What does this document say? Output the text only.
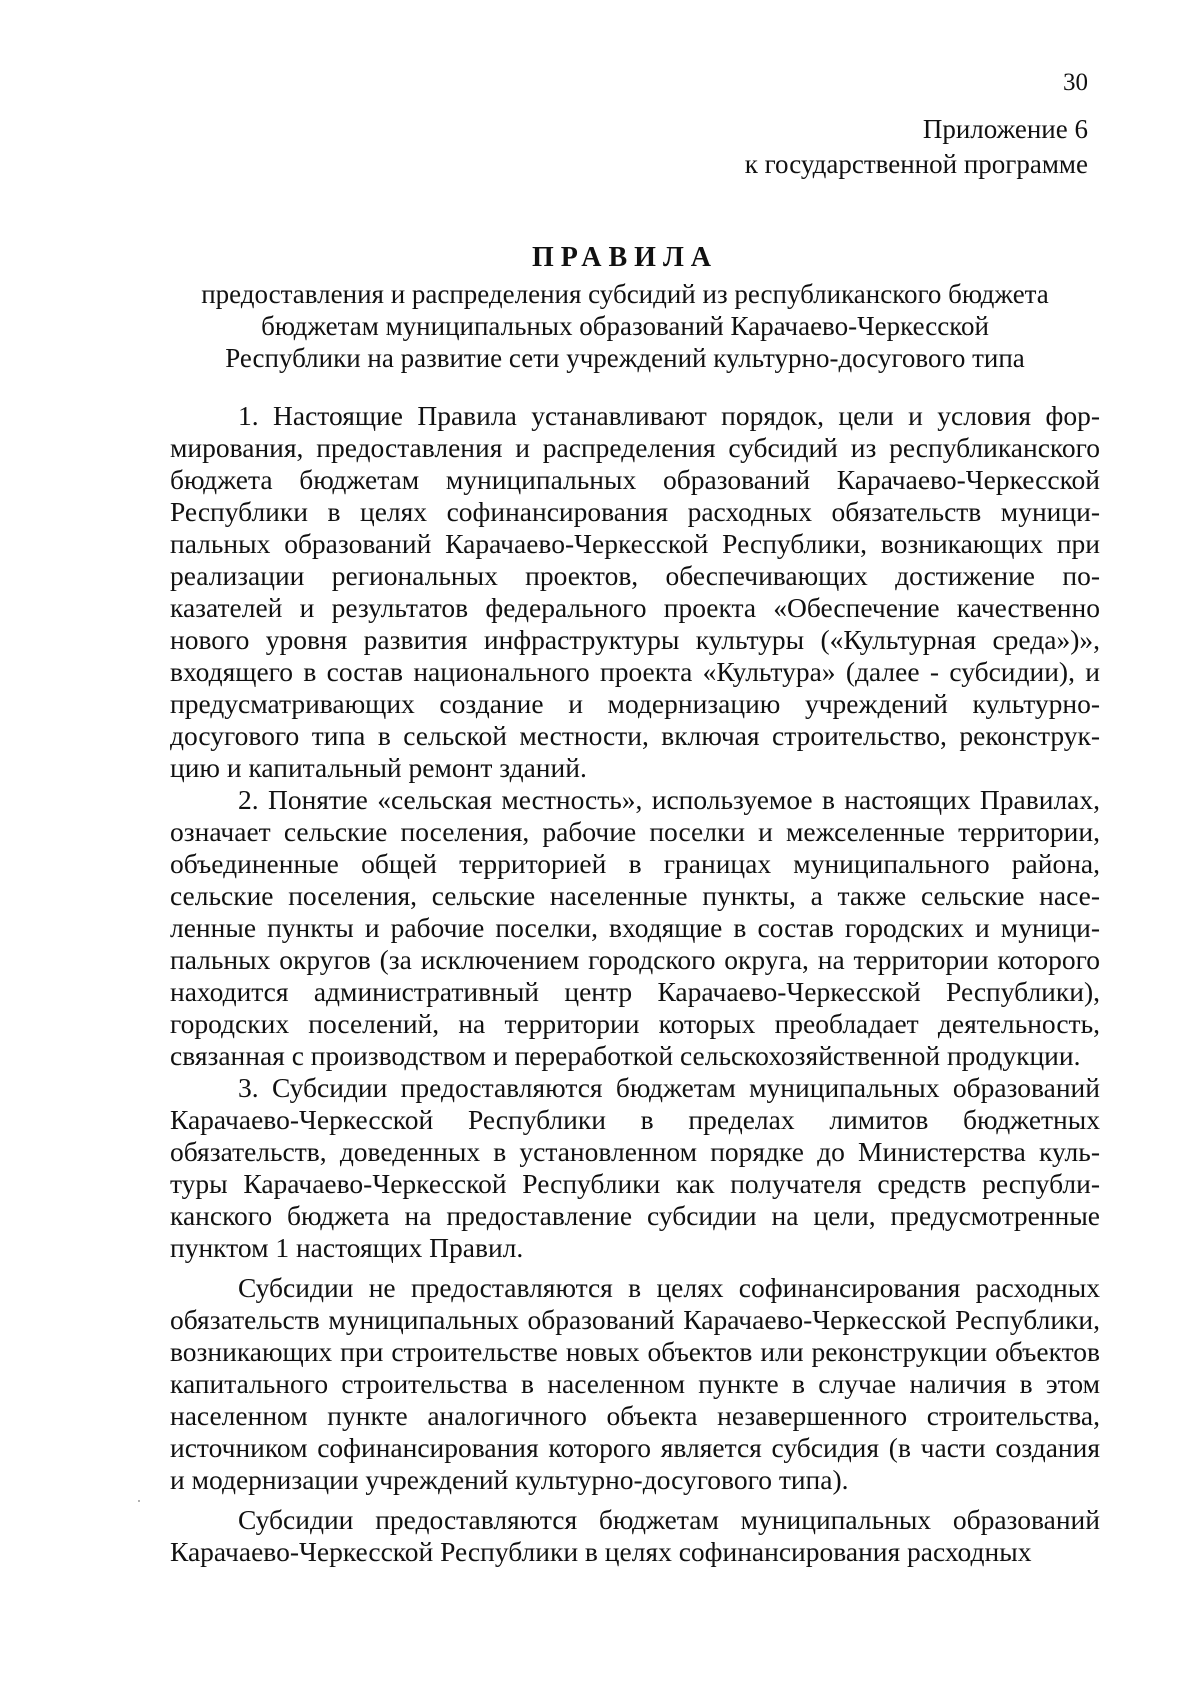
30
Приложение 6
к государственной программе
ПРАВИЛА
предоставления и распределения субсидий из республиканского бюджета
бюджетам муниципальных образований Карачаево-Черкесской
Республики на развитие сети учреждений культурно-досугового типа

1. Настоящие Правила устанавливают порядок, цели и условия формирования, предоставления и распределения субсидий из республиканского бюджета бюджетам муниципальных образований Карачаево-Черкесской Республики в целях софинансирования расходных обязательств муниципальных образований Карачаево-Черкесской Республики, возникающих при реализации региональных проектов, обеспечивающих достижение показателей и результатов федерального проекта «Обеспечение качественно нового уровня развития инфраструктуры культуры («Культурная среда»)», входящего в состав национального проекта «Культура» (далее - субсидии), и предусматривающих создание и модернизацию учреждений культурно-досугового типа в сельской местности, включая строительство, реконструкцию и капитальный ремонт зданий.

2. Понятие «сельская местность», используемое в настоящих Правилах, означает сельские поселения, рабочие поселки и межселенные территории, объединенные общей территорией в границах муниципального района, сельские поселения, сельские населенные пункты, а также сельские населенные пункты и рабочие поселки, входящие в состав городских и муниципальных округов (за исключением городского округа, на территории которого находится административный центр Карачаево-Черкесской Республики), городских поселений, на территории которых преобладает деятельность, связанная с производством и переработкой сельскохозяйственной продукции.

3. Субсидии предоставляются бюджетам муниципальных образований Карачаево-Черкесской Республики в пределах лимитов бюджетных обязательств, доведенных в установленном порядке до Министерства культуры Карачаево-Черкесской Республики как получателя средств республиканского бюджета на предоставление субсидии на цели, предусмотренные пунктом 1 настоящих Правил.

Субсидии не предоставляются в целях софинансирования расходных обязательств муниципальных образований Карачаево-Черкесской Республики, возникающих при строительстве новых объектов или реконструкции объектов капитального строительства в населенном пункте в случае наличия в этом населенном пункте аналогичного объекта незавершенного строительства, источником софинансирования которого является субсидия (в части создания и модернизации учреждений культурно-досугового типа).

Субсидии предоставляются бюджетам муниципальных образований Карачаево-Черкесской Республики в целях софинансирования расходных
